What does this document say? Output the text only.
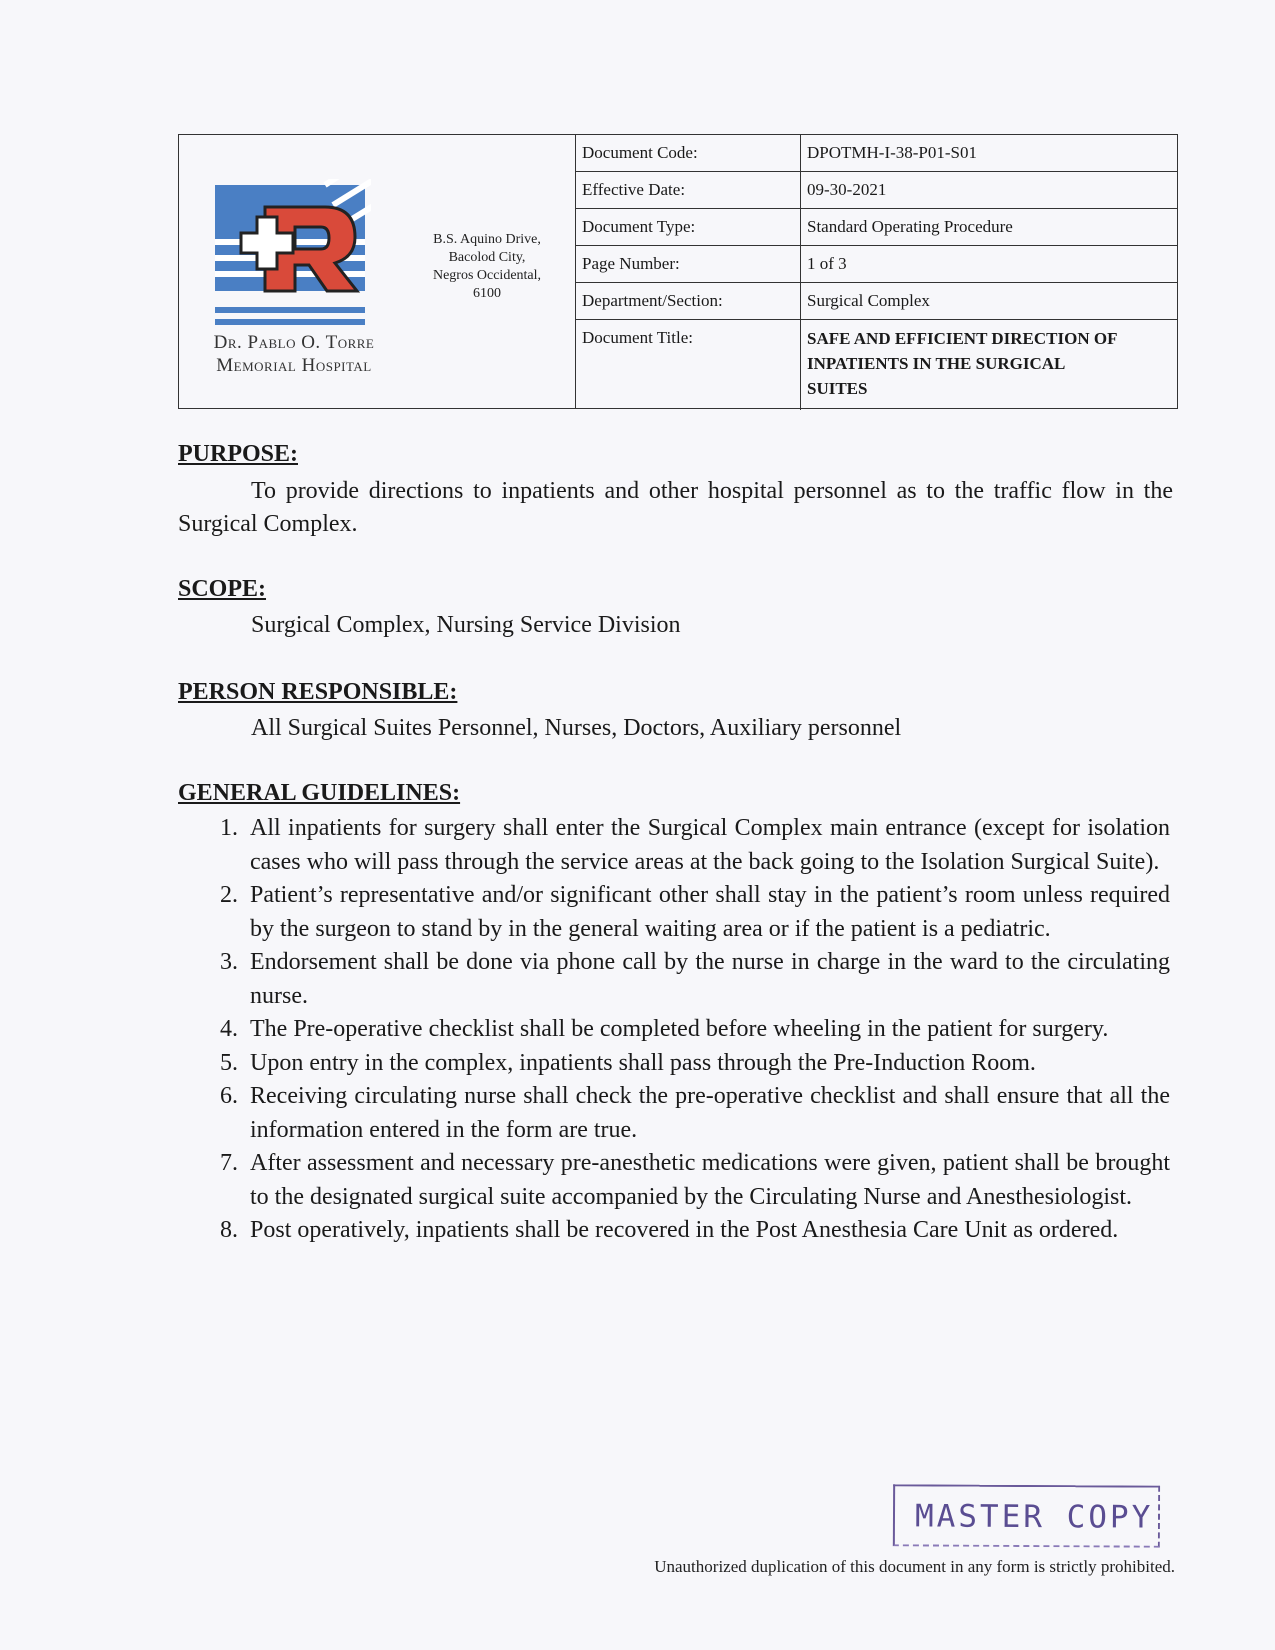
Dr. Pablo O. Torre
Memorial Hospital
B.S. Aquino Drive,
Bacolod City,
Negros Occidental,
6100
Document Code:	DPOTMH-I-38-P01-S01
Effective Date:	09-30-2021
Document Type:	Standard Operating Procedure
Page Number:	1 of 3
Department/Section:	Surgical Complex
Document Title:	SAFE AND EFFICIENT DIRECTION OF
INPATIENTS IN THE SURGICAL
SUITES
PURPOSE:
To provide directions to inpatients and other hospital personnel as to the traffic flow in the Surgical Complex.
SCOPE:
Surgical Complex, Nursing Service Division
PERSON RESPONSIBLE:
All Surgical Suites Personnel, Nurses, Doctors, Auxiliary personnel
GENERAL GUIDELINES:
1. All inpatients for surgery shall enter the Surgical Complex main entrance (except for isolation cases who will pass through the service areas at the back going to the Isolation Surgical Suite).
2. Patient’s representative and/or significant other shall stay in the patient’s room unless required by the surgeon to stand by in the general waiting area or if the patient is a pediatric.
3. Endorsement shall be done via phone call by the nurse in charge in the ward to the circulating nurse.
4. The Pre-operative checklist shall be completed before wheeling in the patient for surgery.
5. Upon entry in the complex, inpatients shall pass through the Pre-Induction Room.
6. Receiving circulating nurse shall check the pre-operative checklist and shall ensure that all the information entered in the form are true.
7. After assessment and necessary pre-anesthetic medications were given, patient shall be brought to the designated surgical suite accompanied by the Circulating Nurse and Anesthesiologist.
8. Post operatively, inpatients shall be recovered in the Post Anesthesia Care Unit as ordered.
MASTER COPY
Unauthorized duplication of this document in any form is strictly prohibited.
